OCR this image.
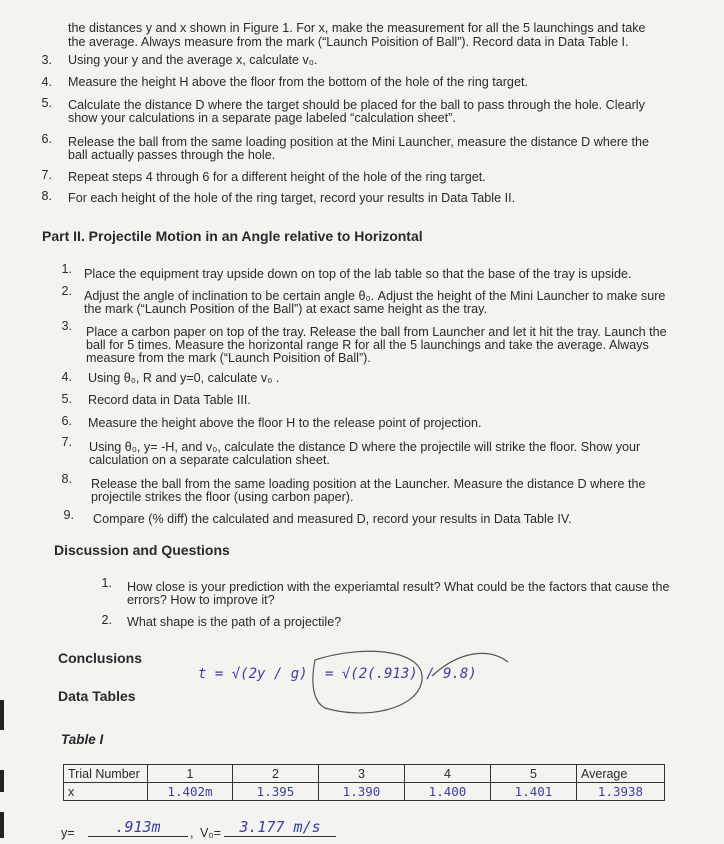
the distances y and x shown in Figure 1. For x, make the measurement for all the 5 launchings and take
the average. Always measure from the mark (“Launch Poisition of Ball”). Record data in Data Table I.
3. Using your y and the average x, calculate v₀.
4. Measure the height H above the floor from the bottom of the hole of the ring target.
5. Calculate the distance D where the target should be placed for the ball to pass through the hole. Clearly
show your calculations in a separate page labeled “calculation sheet”.
6. Release the ball from the same loading position at the Mini Launcher, measure the distance D where the
ball actually passes through the hole.
7. Repeat steps 4 through 6 for a different height of the hole of the ring target.
8. For each height of the hole of the ring target, record your results in Data Table II.
Part II. Projectile Motion in an Angle relative to Horizontal
1. Place the equipment tray upside down on top of the lab table so that the base of the tray is upside.
2. Adjust the angle of inclination to be certain angle θ₀. Adjust the height of the Mini Launcher to make sure
the mark (“Launch Position of the Ball”) at exact same height as the tray.
3. Place a carbon paper on top of the tray. Release the ball from Launcher and let it hit the tray. Launch the
ball for 5 times. Measure the horizontal range R for all the 5 launchings and take the average. Always
measure from the mark (“Launch Poisition of Ball”).
4. Using θ₀, R and y=0, calculate v₀ .
5. Record data in Data Table III.
6. Measure the height above the floor H to the release point of projection.
7. Using θ₀, y= -H, and v₀, calculate the distance D where the projectile will strike the floor. Show your
calculation on a separate calculation sheet.
8. Release the ball from the same loading position at the Launcher. Measure the distance D where the
projectile strikes the floor (using carbon paper).
9. Compare (% diff) the calculated and measured D, record your results in Data Table IV.
Discussion and Questions
1. How close is your prediction with the experiamtal result? What could be the factors that cause the
errors? How to improve it?
2. What shape is the path of a projectile?
Conclusions
Data Tables
t = √(2y / g) = √(2(.913) / 9.8)
Table I
Trial Number	1	2	3	4	5	Average
x	1.402m	1.395	1.390	1.400	1.401	1.3938
y=	.913m	, V₀=	3.177 m/s
